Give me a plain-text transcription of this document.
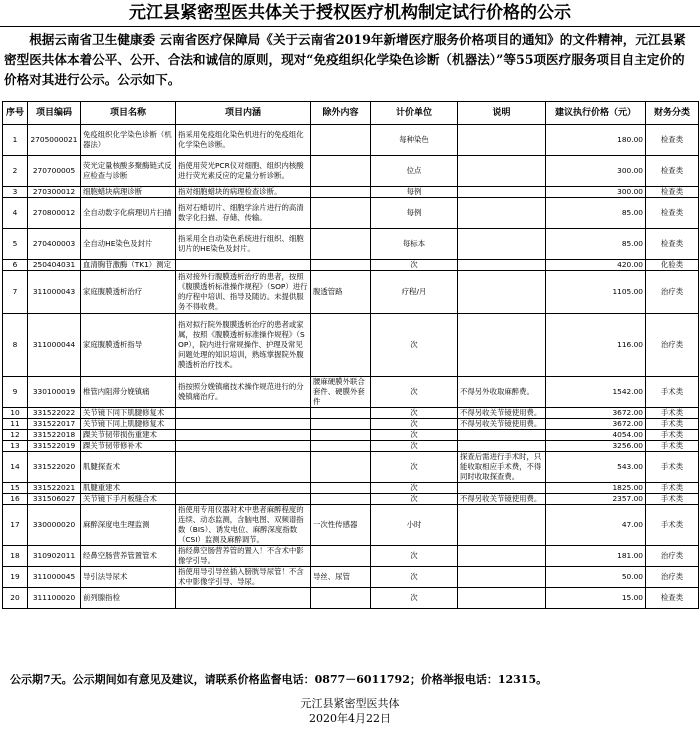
元江县紧密型医共体关于授权医疗机构制定试行价格的公示

根据云南省卫生健康委 云南省医疗保障局《关于云南省2019年新增医疗服务价格项目的通知》的文件精神，元江县紧密型医共体本着公平、公开、合法和诚信的原则，现对“免疫组织化学染色诊断（机器法）”等55项医疗服务项目自主定价的价格对其进行公示。公示如下。

序号	项目编码	项目名称	项目内涵	除外内容	计价单位	说明	建议执行价格（元）	财务分类
1	2705000021	免疫组织化学染色诊断（机器法）	指采用免疫组化染色机进行的免疫组化化学染色诊断。		每种染色		180.00	检查类
2	270700005	荧光定量核酸多聚酶链式反应检查与诊断	指使用荧光PCR仪对细胞、组织内核酸进行荧光素反应的定量分析诊断。		位点		300.00	检查类
3	270300012	细胞蜡块病理诊断	指对细胞蜡块的病理检查诊断。		每例		300.00	检查类
4	270800012	全自动数字化病理切片扫描	指对石蜡切片、细胞学涂片进行的高清数字化扫描、存储、传输。		每例		85.00	检查类
5	270400003	全自动HE染色及封片	指采用全自动染色系统进行组织、细胞切片的HE染色及封片。		每标本		85.00	检查类
6	250404031	血清胸苷激酶（TK1）测定			次		420.00	化验类
7	311000043	家庭腹膜透析治疗	指对接外行腹膜透析治疗的患者，按照《腹膜透析标准操作规程》（SOP）进行的疗程中培训、指导及随访。未提供服务不得收费。	腹透管路	疗程/月		1105.00	治疗类
8	311000044	家庭腹膜透析指导	指对拟行院外腹膜透析治疗的患者或家属，按照《腹膜透析标准操作规程》（SOP），院内进行常规操作、护理及常见问题处理的知识培训，熟练掌握院外腹膜透析治疗技术。		次		116.00	治疗类
9	330100019	椎管内阻滞分娩镇痛	指按照分娩镇痛技术操作规范进行的分娩镇痛治疗。	腰麻硬膜外联合套件、硬膜外套件	次	不得另外收取麻醉费。	1542.00	手术类
10	331522022	关节镜下同下肌腱修复术			次	不得另收关节镜使用费。	3672.00	手术类
11	331522017	关节镜下同上肌腱修复术			次	不得另收关节镜使用费。	3672.00	手术类
12	331522018	踝关节韧带损伤重建术			次		4054.00	手术类
13	331522019	踝关节韧带修补术			次		3256.00	手术类
14	331522020	肌腱探查术			次	探查后需进行手术时，只能收取相应手术费，不得同时收取探查费。	543.00	手术类
15	331522021	肌腱重建术			次		1825.00	手术类
16	331506027	关节镜下手月板缝合术			次	不得另收关节镜使用费。	2357.00	手术类
17	330000020	麻醉深度电生理监测	指使用专用仪器对术中患者麻醉程度的连续、动态监测，含脑电图、双频谱指数（BIS）、诱发电位、麻醉深度指数（CSI）监测及麻醉调节。	一次性传感器	小时		47.00	手术类
18	310902011	经鼻空肠营养管置管术	指经鼻空肠营养管的置入！不含术中影像学引导。		次		181.00	治疗类
19	311000045	导引法导尿术	指使用导引导丝插入膀胱导尿管！不含术中影像学引导、导尿。	导丝、尿管	次		50.00	治疗类
20	311100020	前列腺指检			次		15.00	检查类
公示期7天。公示期间如有意见及建议，请联系价格监督电话：0877－6011792；价格举报电话：12315。
元江县紧密型医共体
2020年4月22日
